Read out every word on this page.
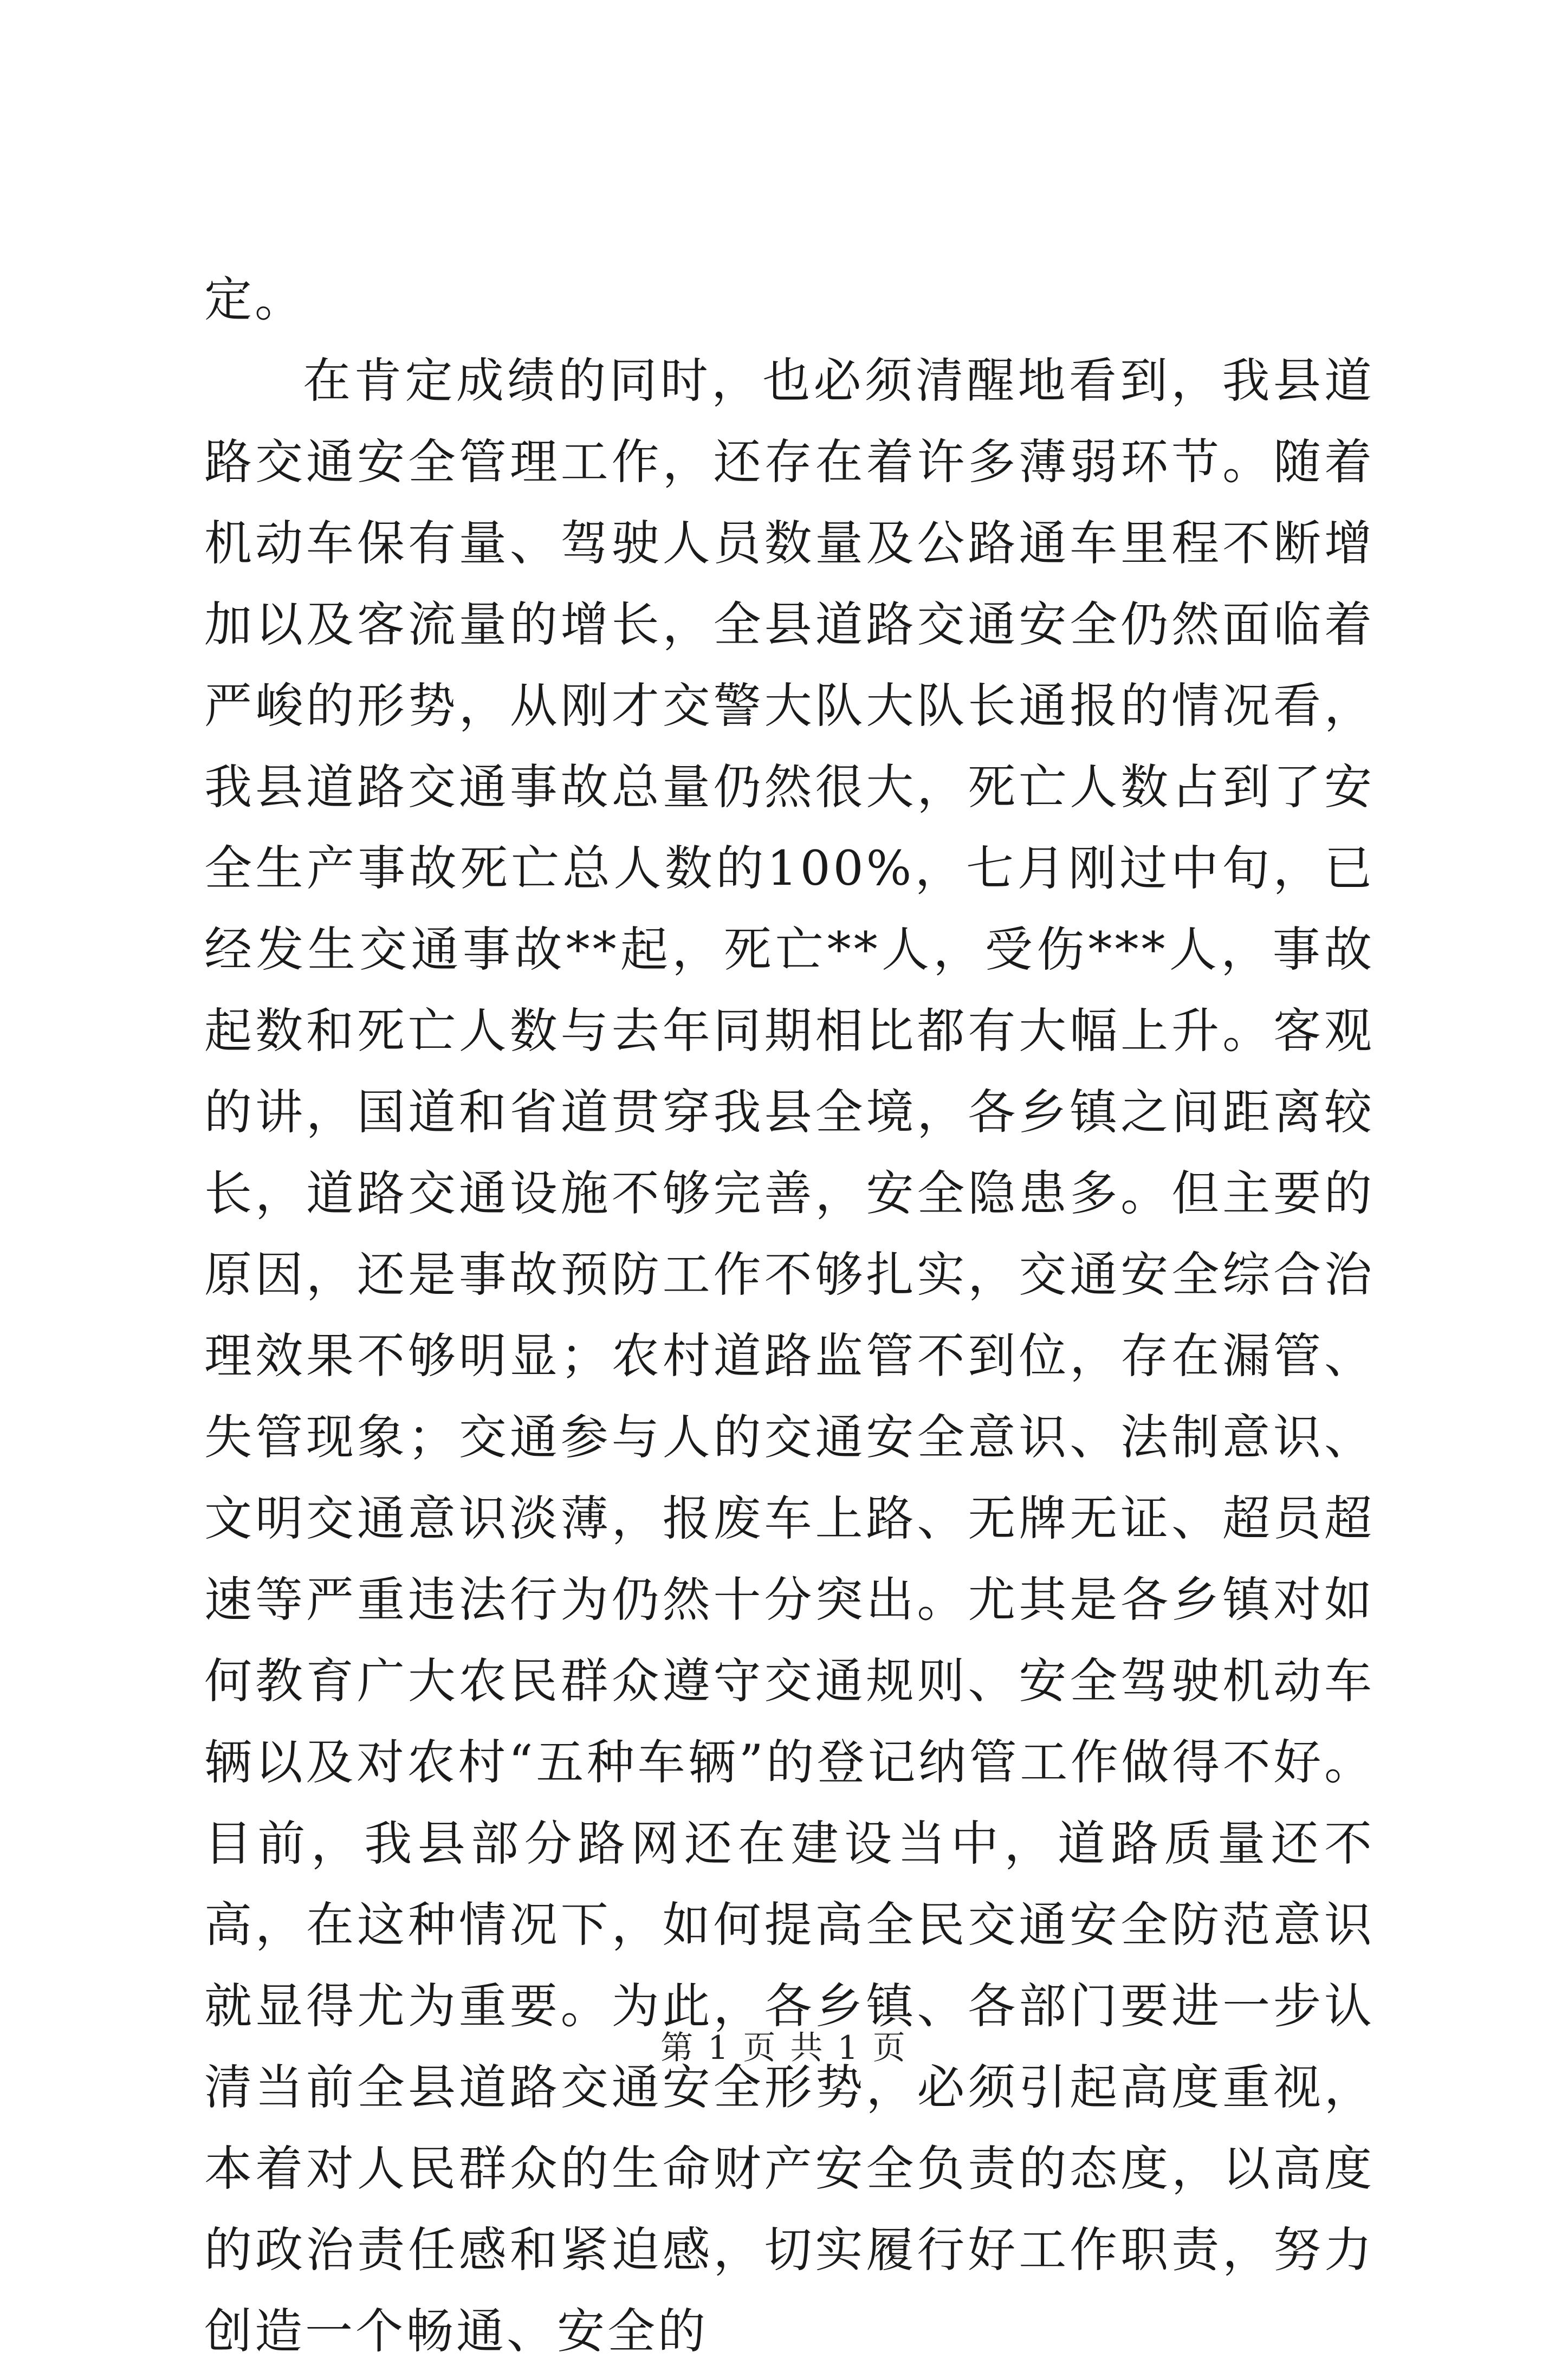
定。

在肯定成绩的同时，也必须清醒地看到，我县道路交通安全管理工作，还存在着许多薄弱环节。随着机动车保有量、驾驶人员数量及公路通车里程不断增加以及客流量的增长，全县道路交通安全仍然面临着严峻的形势，从刚才交警大队大队长通报的情况看，我县道路交通事故总量仍然很大，死亡人数占到了安全生产事故死亡总人数的100%，七月刚过中旬，已经发生交通事故**起，死亡**人，受伤***人，事故起数和死亡人数与去年同期相比都有大幅上升。客观的讲，国道和省道贯穿我县全境，各乡镇之间距离较长，道路交通设施不够完善，安全隐患多。但主要的原因，还是事故预防工作不够扎实，交通安全综合治理效果不够明显；农村道路监管不到位，存在漏管、失管现象；交通参与人的交通安全意识、法制意识、文明交通意识淡薄，报废车上路、无牌无证、超员超速等严重违法行为仍然十分突出。尤其是各乡镇对如何教育广大农民群众遵守交通规则、安全驾驶机动车辆以及对农村“五种车辆”的登记纳管工作做得不好。目前，我县部分路网还在建设当中，道路质量还不高，在这种情况下，如何提高全民交通安全防范意识就显得尤为重要。为此，各乡镇、各部门要进一步认清当前全县道路交通安全形势，必须引起高度重视，本着对人民群众的生命财产安全负责的态度，以高度的政治责任感和紧迫感，切实履行好工作职责，努力创造一个畅通、安全的

第 1 页 共 1 页
